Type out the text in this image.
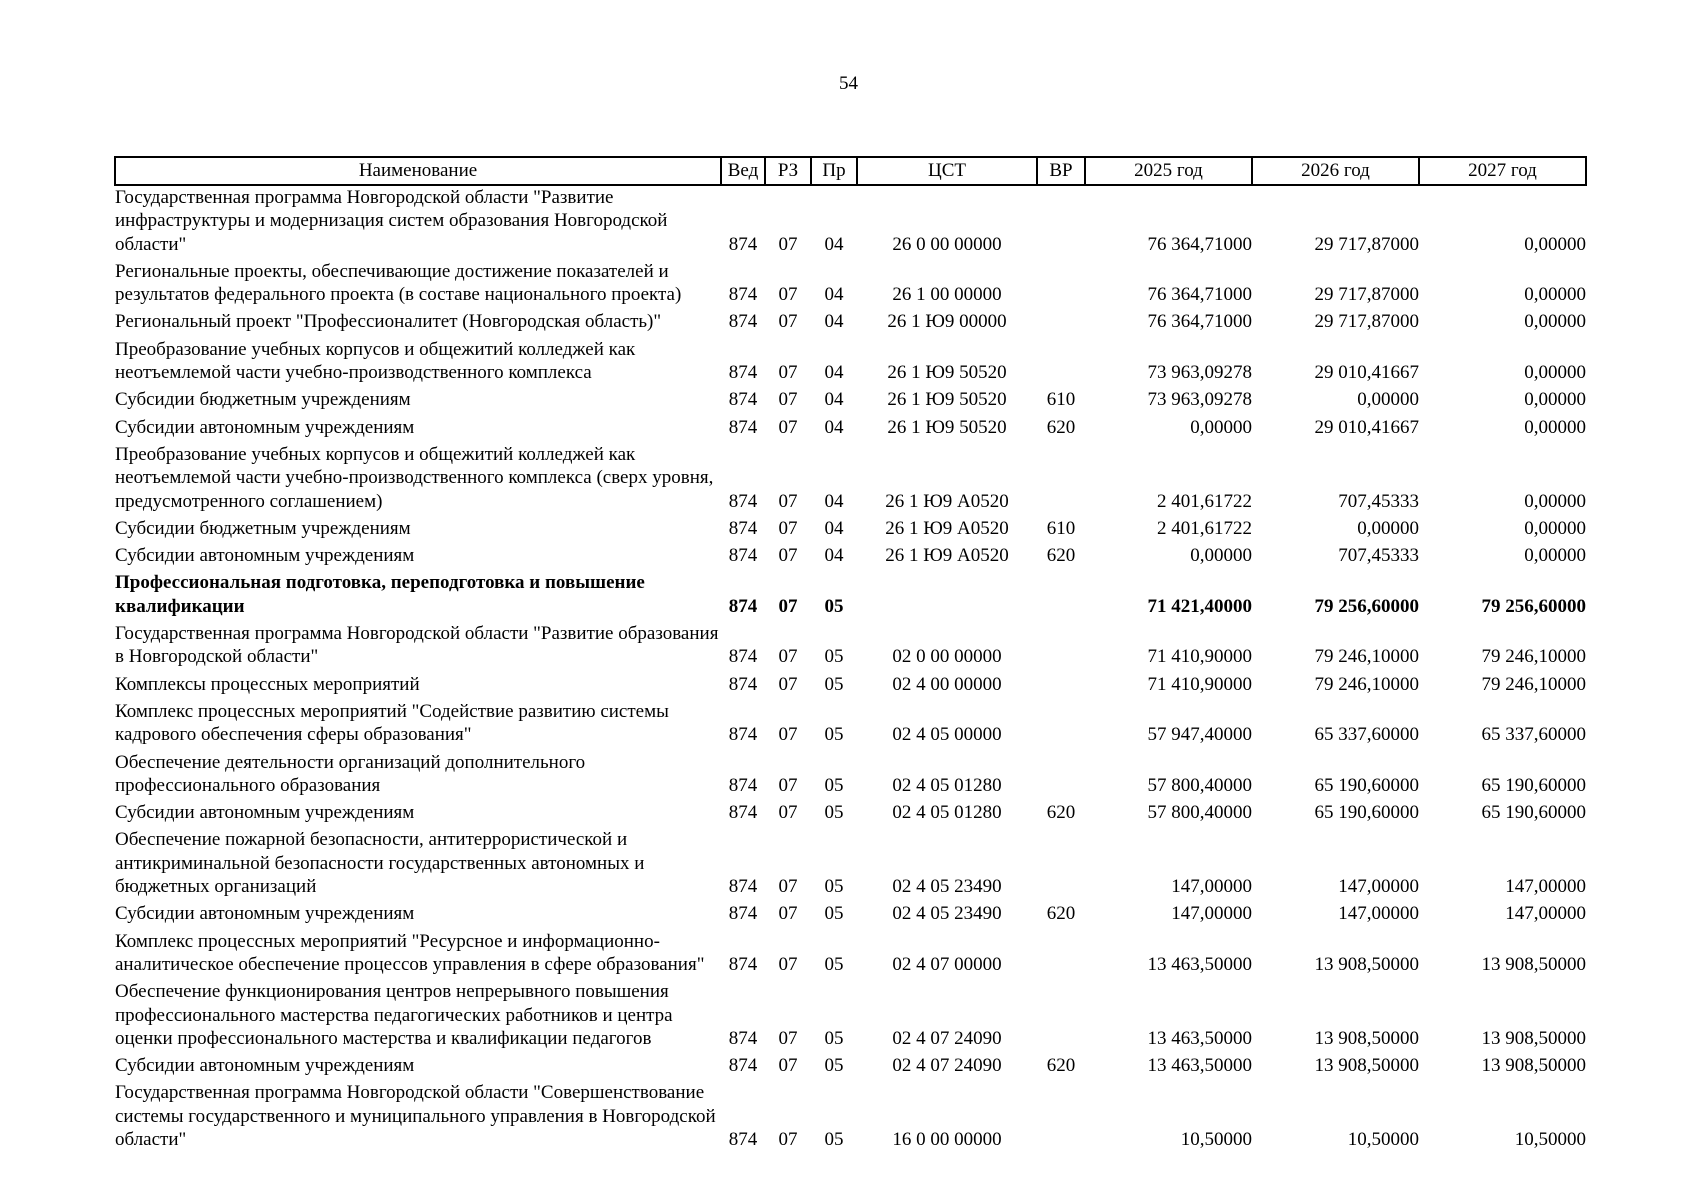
54
Наименование	Вед	РЗ	Пр	ЦСТ	ВР	2025 год	2026 год	2027 год
Государственная программа Новгородской области "Развитие инфраструктуры и модернизация систем образования Новгородской области"	874	07	04	26 0 00 00000		76 364,71000	29 717,87000	0,00000
Региональные проекты, обеспечивающие достижение показателей и результатов федерального проекта (в составе национального проекта)	874	07	04	26 1 00 00000		76 364,71000	29 717,87000	0,00000
Региональный проект "Профессионалитет (Новгородская область)"	874	07	04	26 1 Ю9 00000		76 364,71000	29 717,87000	0,00000
Преобразование учебных корпусов и общежитий колледжей как неотъемлемой части учебно-производственного комплекса	874	07	04	26 1 Ю9 50520		73 963,09278	29 010,41667	0,00000
Субсидии бюджетным учреждениям	874	07	04	26 1 Ю9 50520	610	73 963,09278	0,00000	0,00000
Субсидии автономным учреждениям	874	07	04	26 1 Ю9 50520	620	0,00000	29 010,41667	0,00000
Преобразование учебных корпусов и общежитий колледжей как неотъемлемой части учебно-производственного комплекса (сверх уровня, предусмотренного соглашением)	874	07	04	26 1 Ю9 A0520		2 401,61722	707,45333	0,00000
Субсидии бюджетным учреждениям	874	07	04	26 1 Ю9 A0520	610	2 401,61722	0,00000	0,00000
Субсидии автономным учреждениям	874	07	04	26 1 Ю9 A0520	620	0,00000	707,45333	0,00000
Профессиональная подготовка, переподготовка и повышение квалификации	874	07	05			71 421,40000	79 256,60000	79 256,60000
Государственная программа Новгородской области "Развитие образования в Новгородской области"	874	07	05	02 0 00 00000		71 410,90000	79 246,10000	79 246,10000
Комплексы процессных мероприятий	874	07	05	02 4 00 00000		71 410,90000	79 246,10000	79 246,10000
Комплекс процессных мероприятий "Содействие развитию системы кадрового обеспечения сферы образования"	874	07	05	02 4 05 00000		57 947,40000	65 337,60000	65 337,60000
Обеспечение деятельности организаций дополнительного профессионального образования	874	07	05	02 4 05 01280		57 800,40000	65 190,60000	65 190,60000
Субсидии автономным учреждениям	874	07	05	02 4 05 01280	620	57 800,40000	65 190,60000	65 190,60000
Обеспечение пожарной безопасности, антитеррористической и антикриминальной безопасности государственных автономных и бюджетных организаций	874	07	05	02 4 05 23490		147,00000	147,00000	147,00000
Субсидии автономным учреждениям	874	07	05	02 4 05 23490	620	147,00000	147,00000	147,00000
Комплекс процессных мероприятий "Ресурсное и информационно-аналитическое обеспечение процессов управления в сфере образования"	874	07	05	02 4 07 00000		13 463,50000	13 908,50000	13 908,50000
Обеспечение функционирования центров непрерывного повышения профессионального мастерства педагогических работников и центра оценки профессионального мастерства и квалификации педагогов	874	07	05	02 4 07 24090		13 463,50000	13 908,50000	13 908,50000
Субсидии автономным учреждениям	874	07	05	02 4 07 24090	620	13 463,50000	13 908,50000	13 908,50000
Государственная программа Новгородской области "Совершенствование системы государственного и муниципального управления в Новгородской области"	874	07	05	16 0 00 00000		10,50000	10,50000	10,50000
